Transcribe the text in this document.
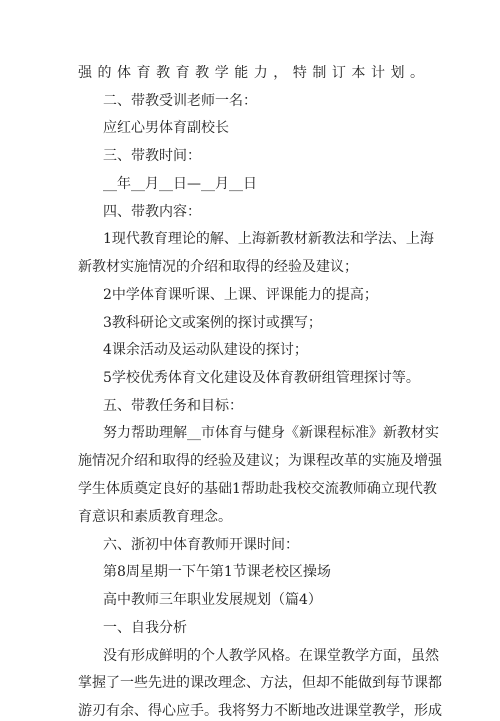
强的体育教育教学能力，特制订本计划。
二、带教受训老师一名：
应红心男体育副校长
三、带教时间：
__年__月__日—__月__日
四、带教内容：
1现代教育理论的解、上海新教材新教法和学法、上海
新教材实施情况的介绍和取得的经验及建议；
2中学体育课听课、上课、评课能力的提高；
3教科研论文或案例的探讨或撰写；
4课余活动及运动队建设的探讨；
5学校优秀体育文化建设及体育教研组管理探讨等。
五、带教任务和目标：
努力帮助理解__市体育与健身《新课程标准》新教材实
施情况介绍和取得的经验及建议；为课程改革的实施及增强
学生体质奠定良好的基础1帮助赴我校交流教师确立现代教
育意识和素质教育理念。
六、浙初中体育教师开课时间：
第8周星期一下午第1节课老校区操场
高中教师三年职业发展规划（篇4）
一、自我分析
没有形成鲜明的个人教学风格。在课堂教学方面，虽然
掌握了一些先进的课改理念、方法，但却不能做到每节课都
游刃有余、得心应手。我将努力不断地改进课堂教学，形成
